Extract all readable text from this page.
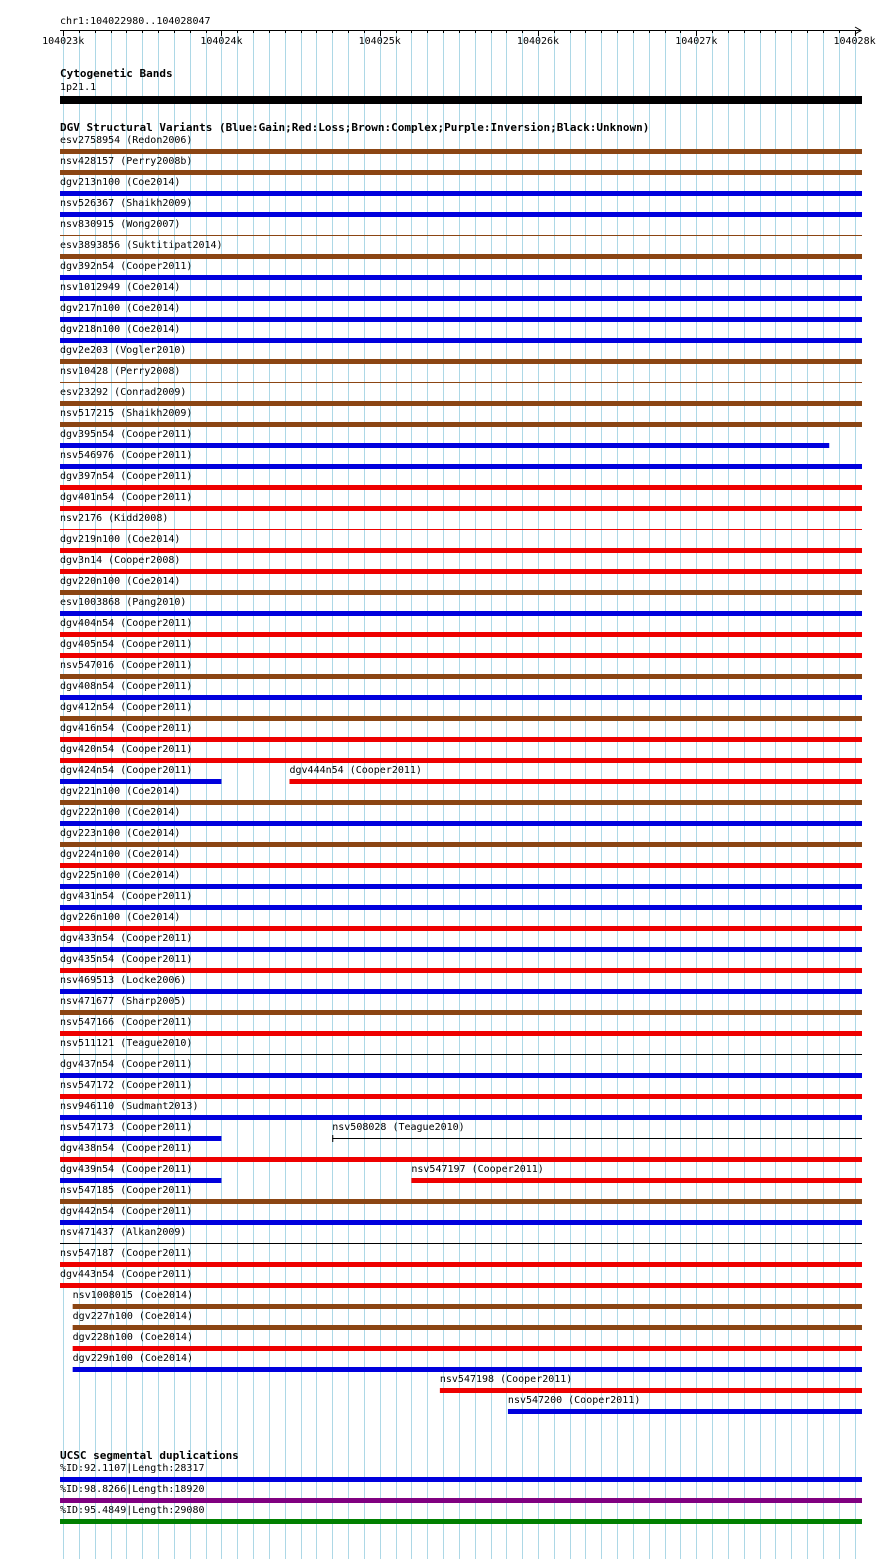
chr1:104022980..104028047
104023k	104024k	104025k	104026k	104027k	104028k
Cytogenetic Bands
1p21.1
DGV Structural Variants (Blue:Gain;Red:Loss;Brown:Complex;Purple:Inversion;Black:Unknown)
esv2758954 (Redon2006)
nsv428157 (Perry2008b)
dgv213n100 (Coe2014)
nsv526367 (Shaikh2009)
nsv830915 (Wong2007)
esv3893856 (Suktitipat2014)
dgv392n54 (Cooper2011)
nsv1012949 (Coe2014)
dgv217n100 (Coe2014)
dgv218n100 (Coe2014)
dgv2e203 (Vogler2010)
nsv10428 (Perry2008)
esv23292 (Conrad2009)
nsv517215 (Shaikh2009)
dgv395n54 (Cooper2011)
nsv546976 (Cooper2011)
dgv397n54 (Cooper2011)
dgv401n54 (Cooper2011)
nsv2176 (Kidd2008)
dgv219n100 (Coe2014)
dgv3n14 (Cooper2008)
dgv220n100 (Coe2014)
esv1003868 (Pang2010)
dgv404n54 (Cooper2011)
dgv405n54 (Cooper2011)
nsv547016 (Cooper2011)
dgv408n54 (Cooper2011)
dgv412n54 (Cooper2011)
dgv416n54 (Cooper2011)
dgv420n54 (Cooper2011)
dgv424n54 (Cooper2011)	dgv444n54 (Cooper2011)
dgv221n100 (Coe2014)
dgv222n100 (Coe2014)
dgv223n100 (Coe2014)
dgv224n100 (Coe2014)
dgv225n100 (Coe2014)
dgv431n54 (Cooper2011)
dgv226n100 (Coe2014)
dgv433n54 (Cooper2011)
dgv435n54 (Cooper2011)
nsv469513 (Locke2006)
nsv471677 (Sharp2005)
nsv547166 (Cooper2011)
nsv511121 (Teague2010)
dgv437n54 (Cooper2011)
nsv547172 (Cooper2011)
nsv946110 (Sudmant2013)
nsv547173 (Cooper2011)	nsv508028 (Teague2010)
dgv438n54 (Cooper2011)
dgv439n54 (Cooper2011)	nsv547197 (Cooper2011)
nsv547185 (Cooper2011)
dgv442n54 (Cooper2011)
nsv471437 (Alkan2009)
nsv547187 (Cooper2011)
dgv443n54 (Cooper2011)
nsv1008015 (Coe2014)
dgv227n100 (Coe2014)
dgv228n100 (Coe2014)
dgv229n100 (Coe2014)
nsv547198 (Cooper2011)
nsv547200 (Cooper2011)
UCSC segmental duplications
%ID:92.1107|Length:28317
%ID:98.8266|Length:18920
%ID:95.4849|Length:29080
